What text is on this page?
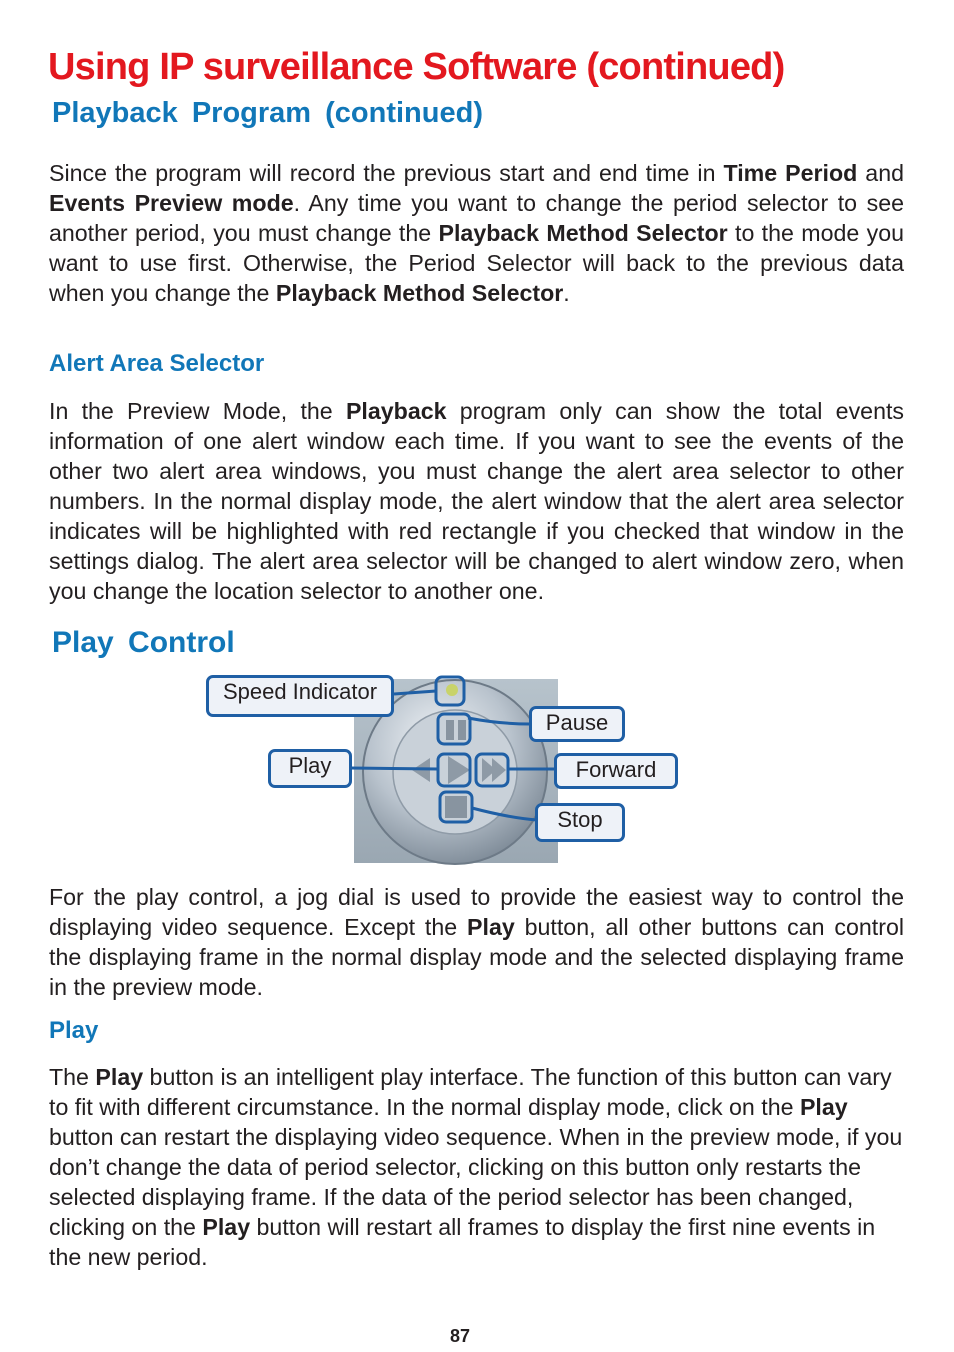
Using IP surveillance Software (continued)
Playback Program (continued)

Since the program will record the previous start and end time in Time Period and Events Preview mode. Any time you want to change the period selector to see another period, you must change the Playback Method Selector to the mode you want to use first. Otherwise, the Period Selector will back to the previous data when you change the Playback Method Selector.

Alert Area Selector

In the Preview Mode, the Playback program only can show the total events information of one alert window each time. If you want to see the events of the other two alert area windows, you must change the alert area selector to other numbers. In the normal display mode, the alert window that the alert area selector indicates will be highlighted with red rectangle if you checked that window in the settings dialog. The alert area selector will be changed to alert window zero, when you change the location selector to another one.

Play Control
Speed Indicator
Pause
Play	Forward
Stop

For the play control, a jog dial is used to provide the easiest way to control the displaying video sequence. Except the Play button, all other buttons can control the displaying frame in the normal display mode and the selected displaying frame in the preview mode.

Play

The Play button is an intelligent play interface. The function of this button can vary to fit with different circumstance. In the normal display mode, click on the Play button can restart the displaying video sequence. When in the preview mode, if you don’t change the data of period selector, clicking on this button only restarts the selected displaying frame. If the data of the period selector has been changed, clicking on the Play button will restart all frames to display the first nine events in the new period.

87
